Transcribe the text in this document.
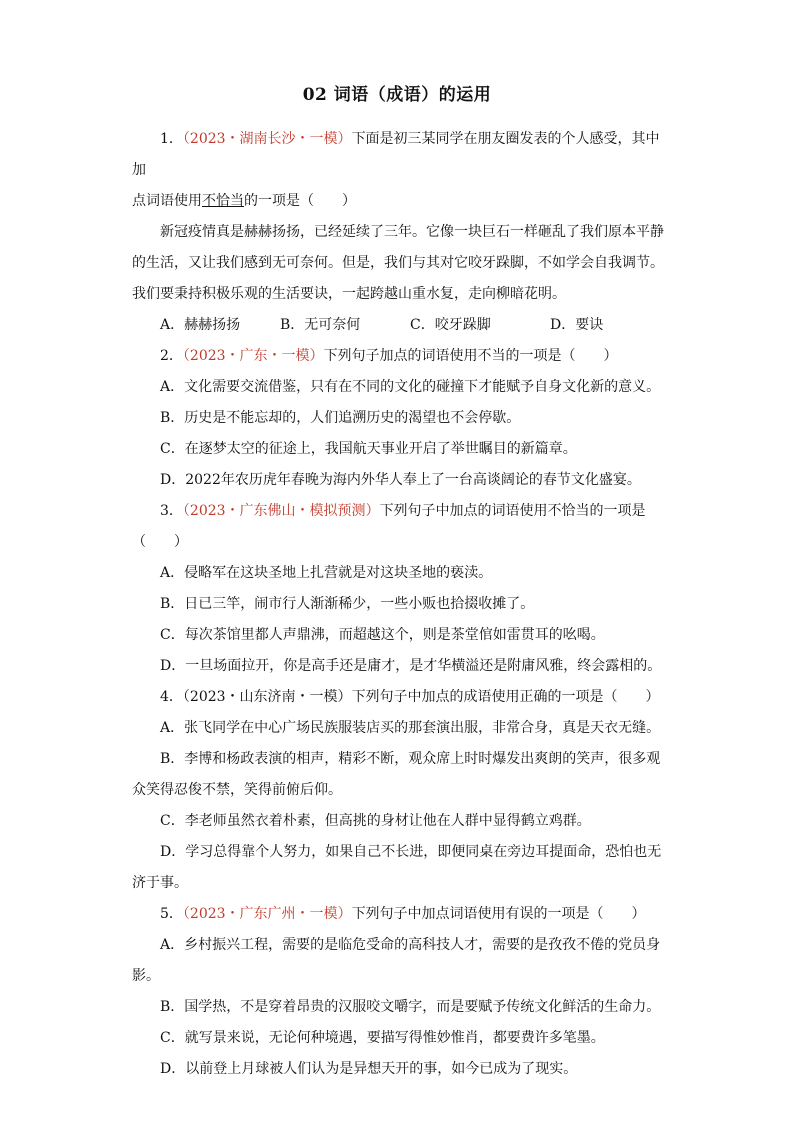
02 词语（成语）的运用

1．（2023・湖南长沙・一模）下面是初三某同学在朋友圈发表的个人感受，其中加

点词语使用不恰当的一项是（　　）

新冠疫情真是赫赫扬扬，已经延续了三年。它像一块巨石一样砸乱了我们原本平静

的生活，又让我们感到无可奈何。但是，我们与其对它咬牙跺脚，不如学会自我调节。

我们要秉持积极乐观的生活要诀，一起跨越山重水复，走向柳暗花明。

A．赫赫扬扬	B．无可奈何	C．咬牙跺脚	D．要诀

2．（2023・广东・一模）下列句子加点的词语使用不当的一项是（　　）

A．文化需要交流借鉴，只有在不同的文化的碰撞下才能赋予自身文化新的意义。

B．历史是不能忘却的，人们追溯历史的渴望也不会停歇。

C．在逐梦太空的征途上，我国航天事业开启了举世瞩目的新篇章。

D．2022年农历虎年春晚为海内外华人奉上了一台高谈阔论的春节文化盛宴。

3．（2023・广东佛山・模拟预测）下列句子中加点的词语使用不恰当的一项是

（　　）

A．侵略军在这块圣地上扎营就是对这块圣地的亵渎。

B．日已三竿，闹市行人渐渐稀少，一些小贩也拾掇收摊了。

C．每次茶馆里都人声鼎沸，而超越这个，则是茶堂倌如雷贯耳的吆喝。

D．一旦场面拉开，你是高手还是庸才，是才华横溢还是附庸风雅，终会露相的。

4．（2023・山东济南・一模）下列句子中加点的成语使用正确的一项是（　　）

A．张飞同学在中心广场民族服装店买的那套演出服，非常合身，真是天衣无缝。

B．李博和杨政表演的相声，精彩不断，观众席上时时爆发出爽朗的笑声，很多观

众笑得忍俊不禁，笑得前俯后仰。

C．李老师虽然衣着朴素，但高挑的身材让他在人群中显得鹤立鸡群。

D．学习总得靠个人努力，如果自己不长进，即便同桌在旁边耳提面命，恐怕也无

济于事。

5．（2023・广东广州・一模）下列句子中加点词语使用有误的一项是（　　）

A．乡村振兴工程，需要的是临危受命的高科技人才，需要的是孜孜不倦的党员身

影。

B．国学热，不是穿着昂贵的汉服咬文嚼字，而是要赋予传统文化鲜活的生命力。

C．就写景来说，无论何种境遇，要描写得惟妙惟肖，都要费许多笔墨。

D．以前登上月球被人们认为是异想天开的事，如今已成为了现实。
